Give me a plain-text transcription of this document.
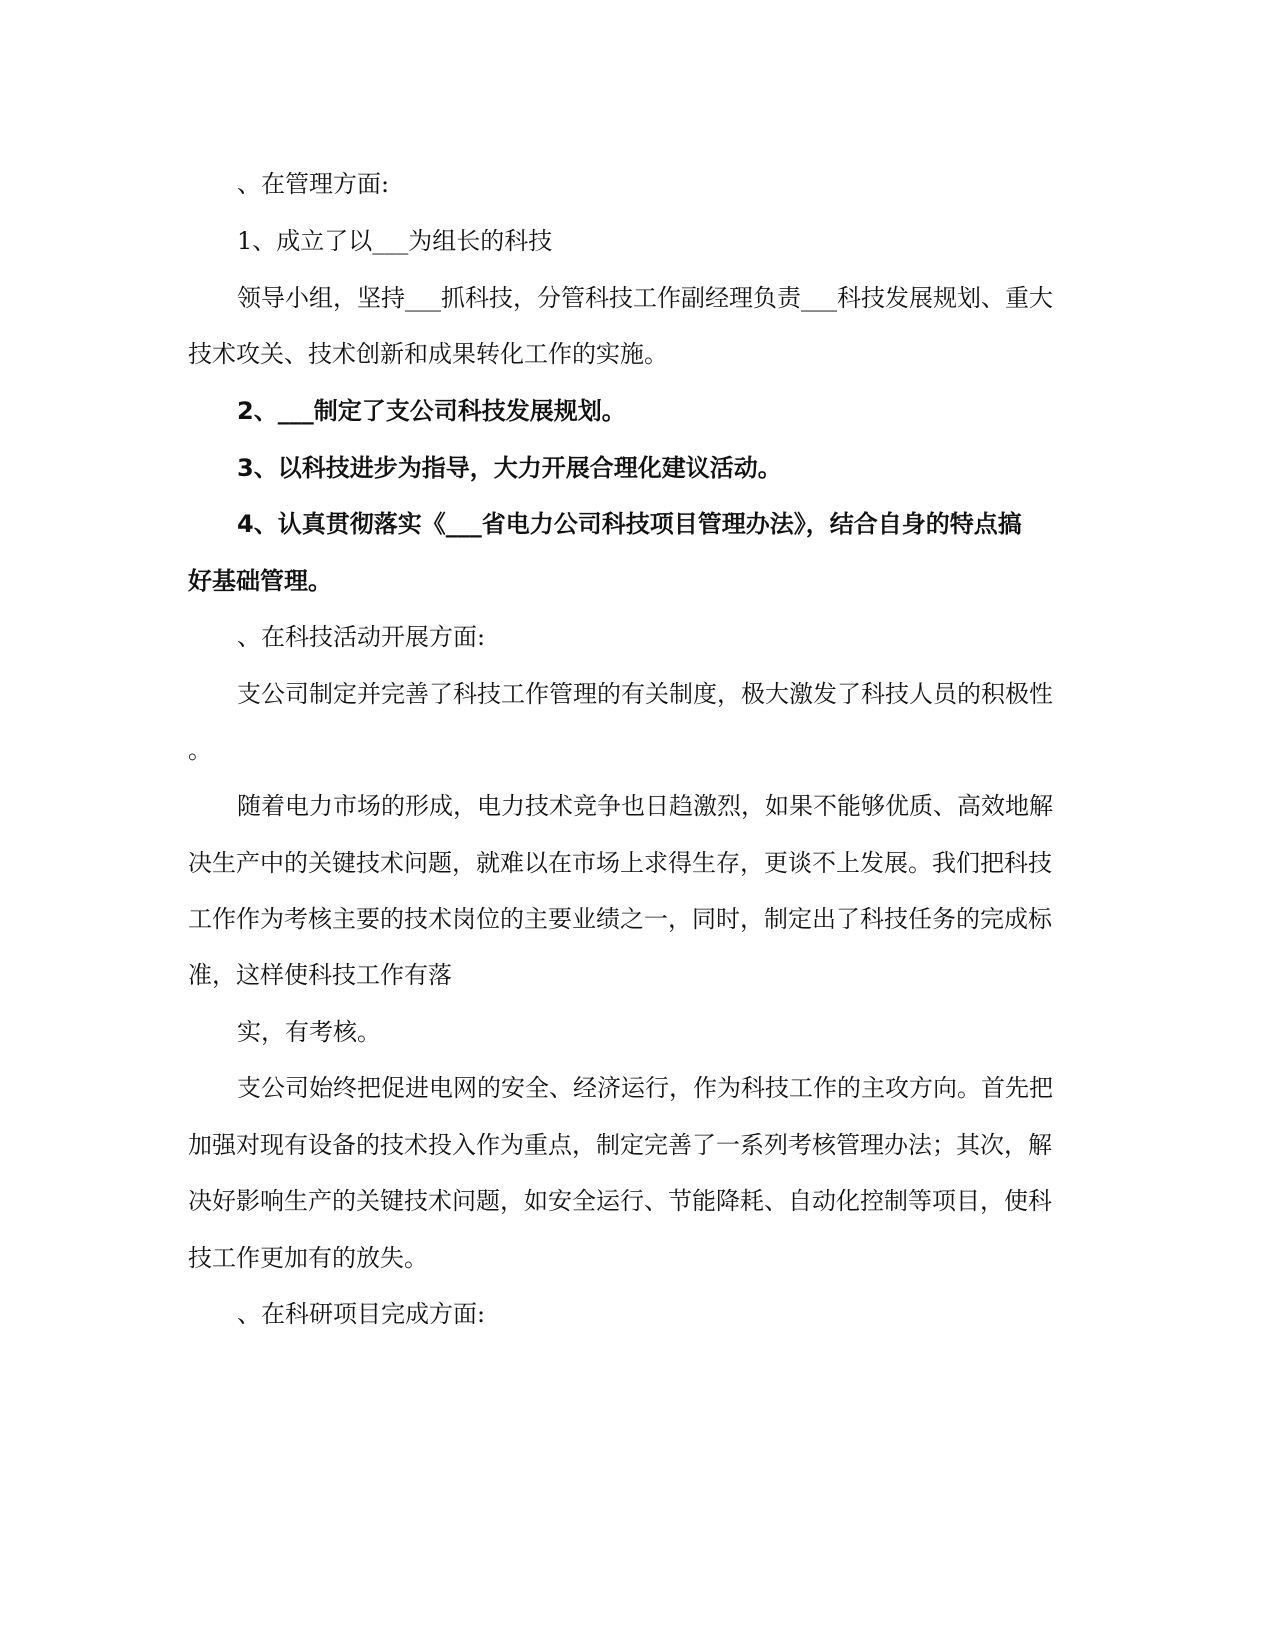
、在管理方面:
1、成立了以___为组长的科技
领导小组，坚持___抓科技，分管科技工作副经理负责___科技发展规划、重大
技术攻关、技术创新和成果转化工作的实施。
2、___制定了支公司科技发展规划。
3、以科技进步为指导，大力开展合理化建议活动。
4、认真贯彻落实《___省电力公司科技项目管理办法》，结合自身的特点搞
好基础管理。
、在科技活动开展方面:
支公司制定并完善了科技工作管理的有关制度，极大激发了科技人员的积极性
。
随着电力市场的形成，电力技术竞争也日趋激烈，如果不能够优质、高效地解
决生产中的关键技术问题，就难以在市场上求得生存，更谈不上发展。我们把科技
工作作为考核主要的技术岗位的主要业绩之一，同时，制定出了科技任务的完成标
准，这样使科技工作有落
实，有考核。
支公司始终把促进电网的安全、经济运行，作为科技工作的主攻方向。首先把
加强对现有设备的技术投入作为重点，制定完善了一系列考核管理办法；其次，解
决好影响生产的关键技术问题，如安全运行、节能降耗、自动化控制等项目，使科
技工作更加有的放失。
、在科研项目完成方面:
